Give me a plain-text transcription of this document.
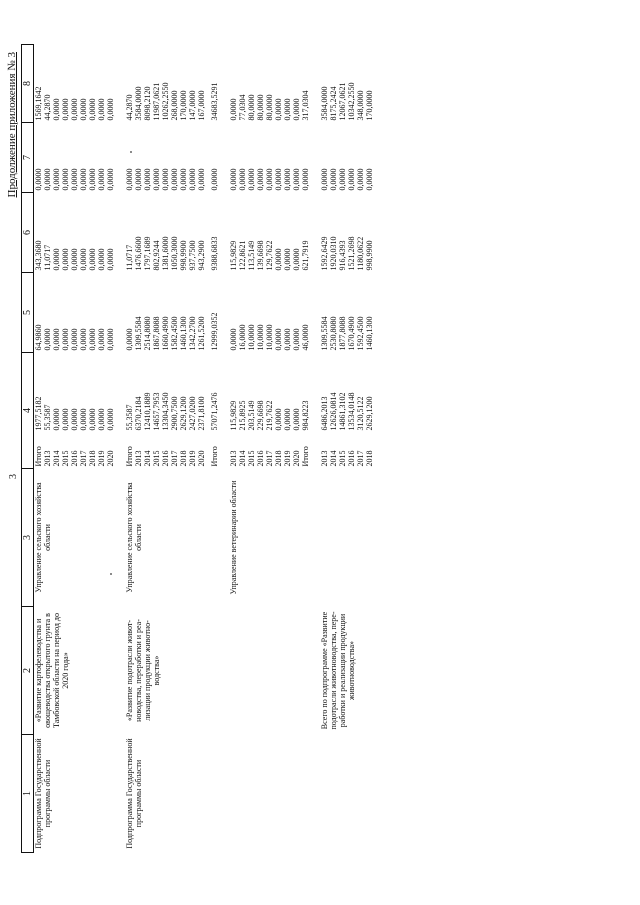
3
Продолжение приложения № 3
1	2	3	4		5	6	7	8
Подпрограмма Государственной программы области	«Развитие картофелеводства и овощеводства открытого грунта в Тамбовской области на период до 2020 года»	Управление сельского хозяйства области	Итого	1977,5182	64,9860	343,3680	0,0000	1569,1642
			2013	55,3587	0,0000	11,0717	0,0000	44,2870
			2014	0,0000	0,0000	0,0000	0,0000	0,0000
			2015	0,0000	0,0000	0,0000	0,0000	0,0000
			2016	0,0000	0,0000	0,0000	0,0000	0,0000
			2017	0,0000	0,0000	0,0000	0,0000	0,0000
			2018	0,0000	0,0000	0,0000	0,0000	0,0000
			2019	0,0000	0,0000	0,0000	0,0000	0,0000
			2020	0,0000	0,0000	0,0000	0,0000	0,0000
Подпрограмма Государственной программы области	«Развитие подотрасли живот-новодства, переработки и реа-лизации продукции животно-водства»	Управление сельского хозяйства области	Итого	55,3587	0,0000	11,0717	0,0000	44,2870
			2013	6370,2184	1309,5584	1476,6600	0,0000	3584,0000
			2014	12410,1889	2514,8080	1797,1689	0,0000	8098,2120
			2015	14657,7953	1867,8088	802,9244	0,0000	11987,0621
			2016	13304,3450	1660,4900	1381,6000	0,0000	10262,2550
			2017	2900,7500	1582,4500	1050,3000	0,0000	268,0000
			2018	2629,1200	1460,1300	998,9900	0,0000	170,0000
			2019	2427,0200	1342,2700	937,7500	0,0000	147,0000
			2020	2371,8100	1261,5200	943,2900	0,0000	167,0000
			Итого	57071,2476	12999,0352	9388,6833	0,0000	34683,5291
		Управление ветеринарии области	2013	115,9829	0,0000	115,9829	0,0000	0,0000
			2014	215,8925	16,0000	122,8621	0,0000	77,0304
			2015	203,5149	10,0000	113,5149	0,0000	80,0000
			2016	229,6698	10,0000	139,6698	0,0000	80,0000
			2017	219,7622	10,0000	129,7622	0,0000	80,0000
			2018	0,0000	0,0000	0,0000	0,0000	0,0000
			2019	0,0000	0,0000	0,0000	0,0000	0,0000
			2020	0,0000	0,0000	0,0000	0,0000	0,0000
			Итого	984,8223	46,0000	621,7919	0,0000	317,0304
	Всего по подпрограмме «Развитие подотрасли животноводства, пере-работки и реализации продукции животноводства»		2013	6486,2013	1309,5584	1592,6429	0,0000	3584,0000
			2014	12626,0814	2530,8080	1920,0310	0,0000	8175,2424
			2015	14861,3102	1877,8088	916,4393	0,0000	12067,0621
			2016	13534,0148	1670,4900	1521,2698	0,0000	10342,2550
			2017	3120,5122	1592,4500	1180,0622	0,0000	348,0000
			2018	2629,1200	1460,1300	998,9900	0,0000	170,0000
